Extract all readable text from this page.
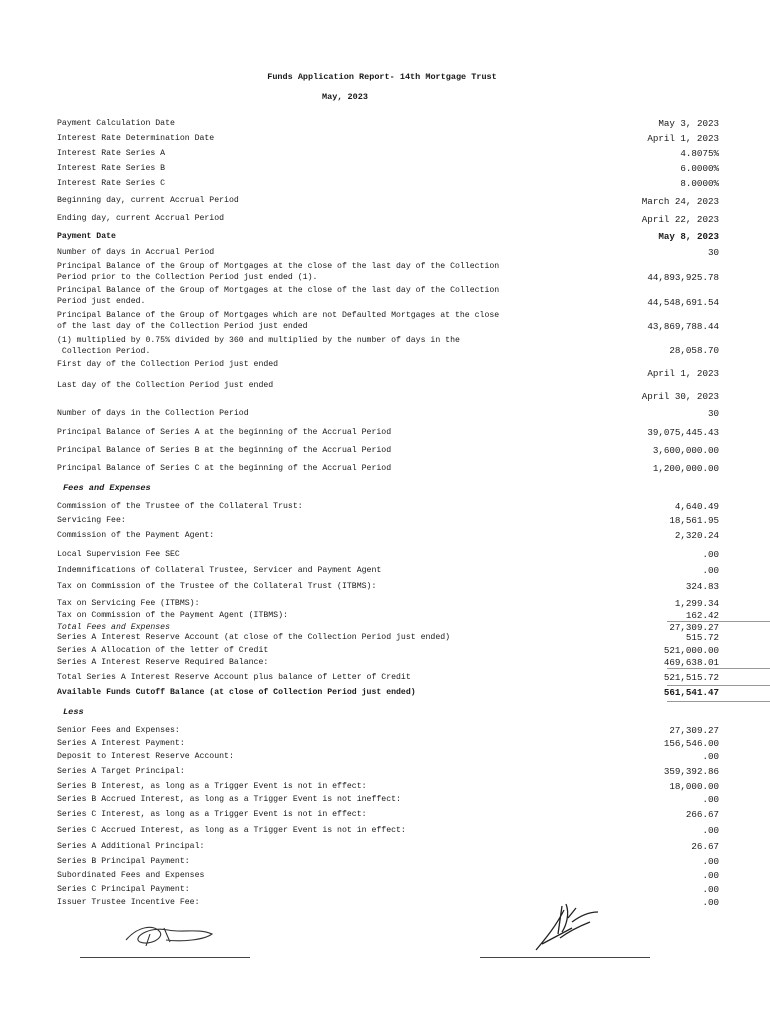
Funds Application Report- 14th Mortgage Trust
May, 2023
Payment Calculation Date	May 3, 2023
Interest Rate Determination Date	April 1, 2023
Interest Rate Series A	4.8075%
Interest Rate Series B	6.0000%
Interest Rate Series C	8.0000%
Beginning day, current Accrual Period	March 24, 2023
Ending day, current Accrual Period	April 22, 2023
Payment Date	May 8, 2023
Number of days in Accrual Period	30
Principal Balance of the Group of Mortgages at the close of the last day of the Collection
Period prior to the Collection Period just ended (1).	44,893,925.78
Principal Balance of the Group of Mortgages at the close of the last day of the Collection
Period just ended.	44,548,691.54
Principal Balance of the Group of Mortgages which are not Defaulted Mortgages at the close
of the last day of the Collection Period just ended	43,869,788.44
(1) multiplied by 0.75% divided by 360 and multiplied by the number of days in the
Collection Period.	28,058.70
First day of the Collection Period just ended
April 1, 2023
Last day of the Collection Period just ended
April 30, 2023
Number of days in the Collection Period	30
Principal Balance of Series A at the beginning of the Accrual Period	39,075,445.43
Principal Balance of Series B at the beginning of the Accrual Period	3,600,000.00
Principal Balance of Series C at the beginning of the Accrual Period	1,200,000.00
Fees and Expenses
Commission of the Trustee of the Collateral Trust:	4,640.49
Servicing Fee:	18,561.95
Commission of the Payment Agent:	2,320.24
Local Supervision Fee SEC	.00
Indemnifications of Collateral Trustee, Servicer and Payment Agent	.00
Tax on Commission of the Trustee of the Collateral Trust (ITBMS):	324.83
Tax on Servicing Fee (ITBMS):	1,299.34
Tax on Commission of the Payment Agent (ITBMS):	162.42
Total Fees and Expenses	27,309.27
Series A Interest Reserve Account (at close of the Collection Period just ended)	515.72
Series A Allocation of the letter of Credit	521,000.00
Series A Interest Reserve Required Balance:	469,638.01
Total Series A Interest Reserve Account plus balance of Letter of Credit	521,515.72
Available Funds Cutoff Balance (at close of Collection Period just ended)	561,541.47
Less
Senior Fees and Expenses:	27,309.27
Series A Interest Payment:	156,546.00
Deposit to Interest Reserve Account:	.00
Series A Target Principal:	359,392.86
Series B Interest, as long as a Trigger Event is not in effect:	18,000.00
Series B Accrued Interest, as long as a Trigger Event is not ineffect:	.00
Series C Interest, as long as a Trigger Event is not in effect:	266.67
Series C Accrued Interest, as long as a Trigger Event is not in effect:	.00
Series A Additional Principal:	26.67
Series B Principal Payment:	.00
Subordinated Fees and Expenses	.00
Series C Principal Payment:	.00
Issuer Trustee Incentive Fee:	.00
